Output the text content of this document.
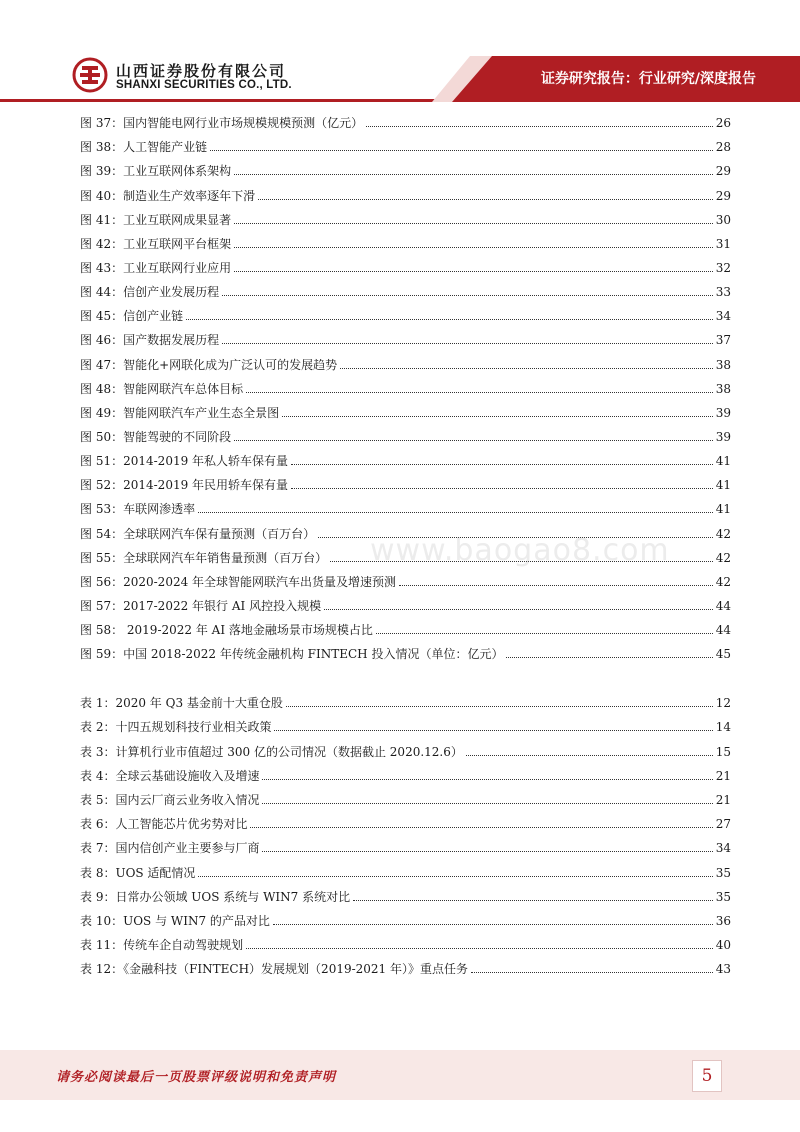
山西证券股份有限公司
SHANXI SECURITIES CO., LTD.	证券研究报告：行业研究/深度报告
图 37：国内智能电网行业市场规模规模预测（亿元）	26
图 38：人工智能产业链	28
图 39：工业互联网体系架构	29
图 40：制造业生产效率逐年下滑	29
图 41：工业互联网成果显著	30
图 42：工业互联网平台框架	31
图 43：工业互联网行业应用	32
图 44：信创产业发展历程	33
图 45：信创产业链	34
图 46：国产数据发展历程	37
图 47：智能化+网联化成为广泛认可的发展趋势	38
图 48：智能网联汽车总体目标	38
图 49：智能网联汽车产业生态全景图	39
图 50：智能驾驶的不同阶段	39
图 51：2014-2019 年私人轿车保有量	41
图 52：2014-2019 年民用轿车保有量	41
图 53：车联网渗透率	41
图 54：全球联网汽车保有量预测（百万台）	42
图 55：全球联网汽车年销售量预测（百万台）	42
图 56：2020-2024 年全球智能网联汽车出货量及增速预测	42
图 57：2017-2022 年银行 AI 风控投入规模	44
图 58： 2019-2022 年 AI 落地金融场景市场规模占比	44
图 59：中国 2018-2022 年传统金融机构 FINTECH 投入情况（单位：亿元）	45
表 1：2020 年 Q3 基金前十大重仓股	12
表 2：十四五规划科技行业相关政策	14
表 3：计算机行业市值超过 300 亿的公司情况（数据截止 2020.12.6）	15
表 4：全球云基础设施收入及增速	21
表 5：国内云厂商云业务收入情况	21
表 6：人工智能芯片优劣势对比	27
表 7：国内信创产业主要参与厂商	34
表 8：UOS 适配情况	35
表 9：日常办公领域 UOS 系统与 WIN7 系统对比	35
表 10：UOS 与 WIN7 的产品对比	36
表 11：传统车企自动驾驶规划	40
表 12：《金融科技（FINTECH）发展规划（2019-2021 年）》重点任务	43
www.baogao8.com
请务必阅读最后一页股票评级说明和免责声明	5
